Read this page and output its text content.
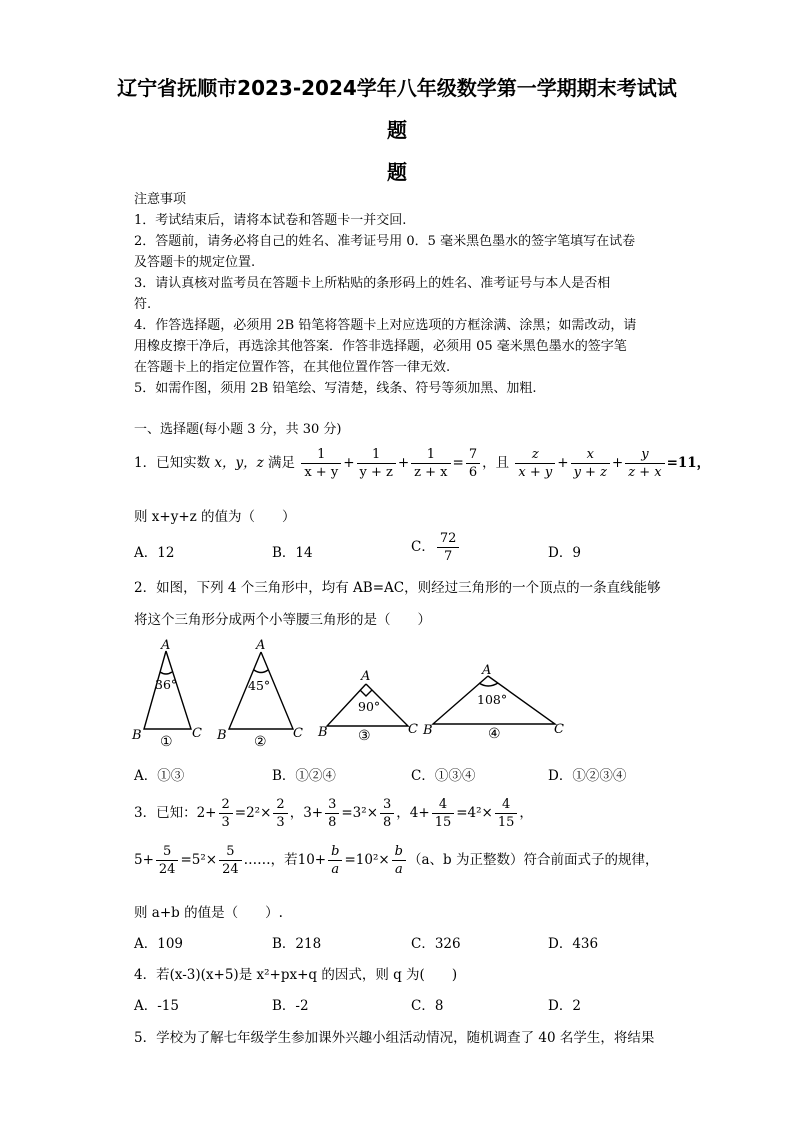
辽宁省抚顺市2023-2024学年八年级数学第一学期期末考试试
题
题
注意事项
1．考试结束后，请将本试卷和答题卡一并交回.
2．答题前，请务必将自己的姓名、准考证号用 0．5 毫米黑色墨水的签字笔填写在试卷
及答题卡的规定位置.
3．请认真核对监考员在答题卡上所粘贴的条形码上的姓名、准考证号与本人是否相
符.
4．作答选择题，必须用 2B 铅笔将答题卡上对应选项的方框涂满、涂黑；如需改动，请
用橡皮擦干净后，再选涂其他答案．作答非选择题，必须用 05 毫米黑色墨水的签字笔
在答题卡上的指定位置作答，在其他位置作答一律无效.
5．如需作图，须用 2B 铅笔绘、写清楚，线条、符号等须加黑、加粗.
一、选择题(每小题 3 分，共 30 分)
1．已知实数 x，y，z 满足 $\frac{1}{x + y} + \frac{1}{y + z} + \frac{1}{z + x} = \frac{7}{6}$ ，且 $\frac{z}{x + y} + \frac{x}{y + z} + \frac{y}{z + x} =11$，
则 x+y+z 的值为（　　）
A．12	B．14	C． $\frac{72}{7}$	D．9
2．如图，下列 4 个三角形中，均有 AB=AC，则经过三角形的一个顶点的一条直线能够
将这个三角形分成两个小等腰三角形的是（　　）
A
B	C
A
B	C
A
B	C
A
B	C
36°	45°
90°	108°
①	②	③	④
A．①③	B．①②④	C．①③④	D．①②③④
3．已知：$2+ \frac{2}{3} =2^2\times \frac{2}{3}$ ，$3+ \frac{3}{8} =3^2\times \frac{3}{8}$ ，$4+ \frac{4}{15} =4^2\times \frac{4}{15}$ ，
$5+ \frac{5}{24} =5^2\times \frac{5}{24}$ ……，若$10+ \frac{b}{a} =10^2\times \frac{b}{a} (a$、b 为正整数）符合前面式子的规律，
则 a+b 的值是（　　）.
A．109	B．218	C．326	D．436
4．若(x-3)(x+5)是 x²+px+q 的因式，则 q 为(　　)
A．-15	B．-2	C．8	D．2
5．学校为了解七年级学生参加课外兴趣小组活动情况，随机调查了 40 名学生，将结果
